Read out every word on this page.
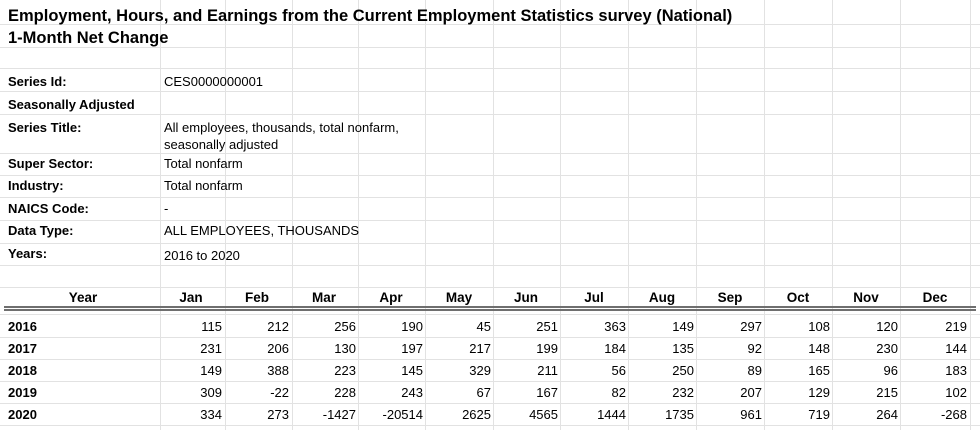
Employment, Hours, and Earnings from the Current Employment Statistics survey (National)
1-Month Net Change
Series Id:	CES0000000001
Seasonally Adjusted
Series Title:	All employees, thousands, total nonfarm,
seasonally adjusted
Super Sector:	Total nonfarm
Industry:	Total nonfarm
NAICS Code:	-
Data Type:	ALL EMPLOYEES, THOUSANDS
Years:	2016 to 2020
Year	Jan	Feb	Mar	Apr	May	Jun	Jul	Aug	Sep	Oct	Nov	Dec
2016	115	212	256	190	45	251	363	149	297	108	120	219
2017	231	206	130	197	217	199	184	135	92	148	230	144
2018	149	388	223	145	329	211	56	250	89	165	96	183
2019	309	-22	228	243	67	167	82	232	207	129	215	102
2020	334	273	-1427	-20514	2625	4565	1444	1735	961	719	264	-268
